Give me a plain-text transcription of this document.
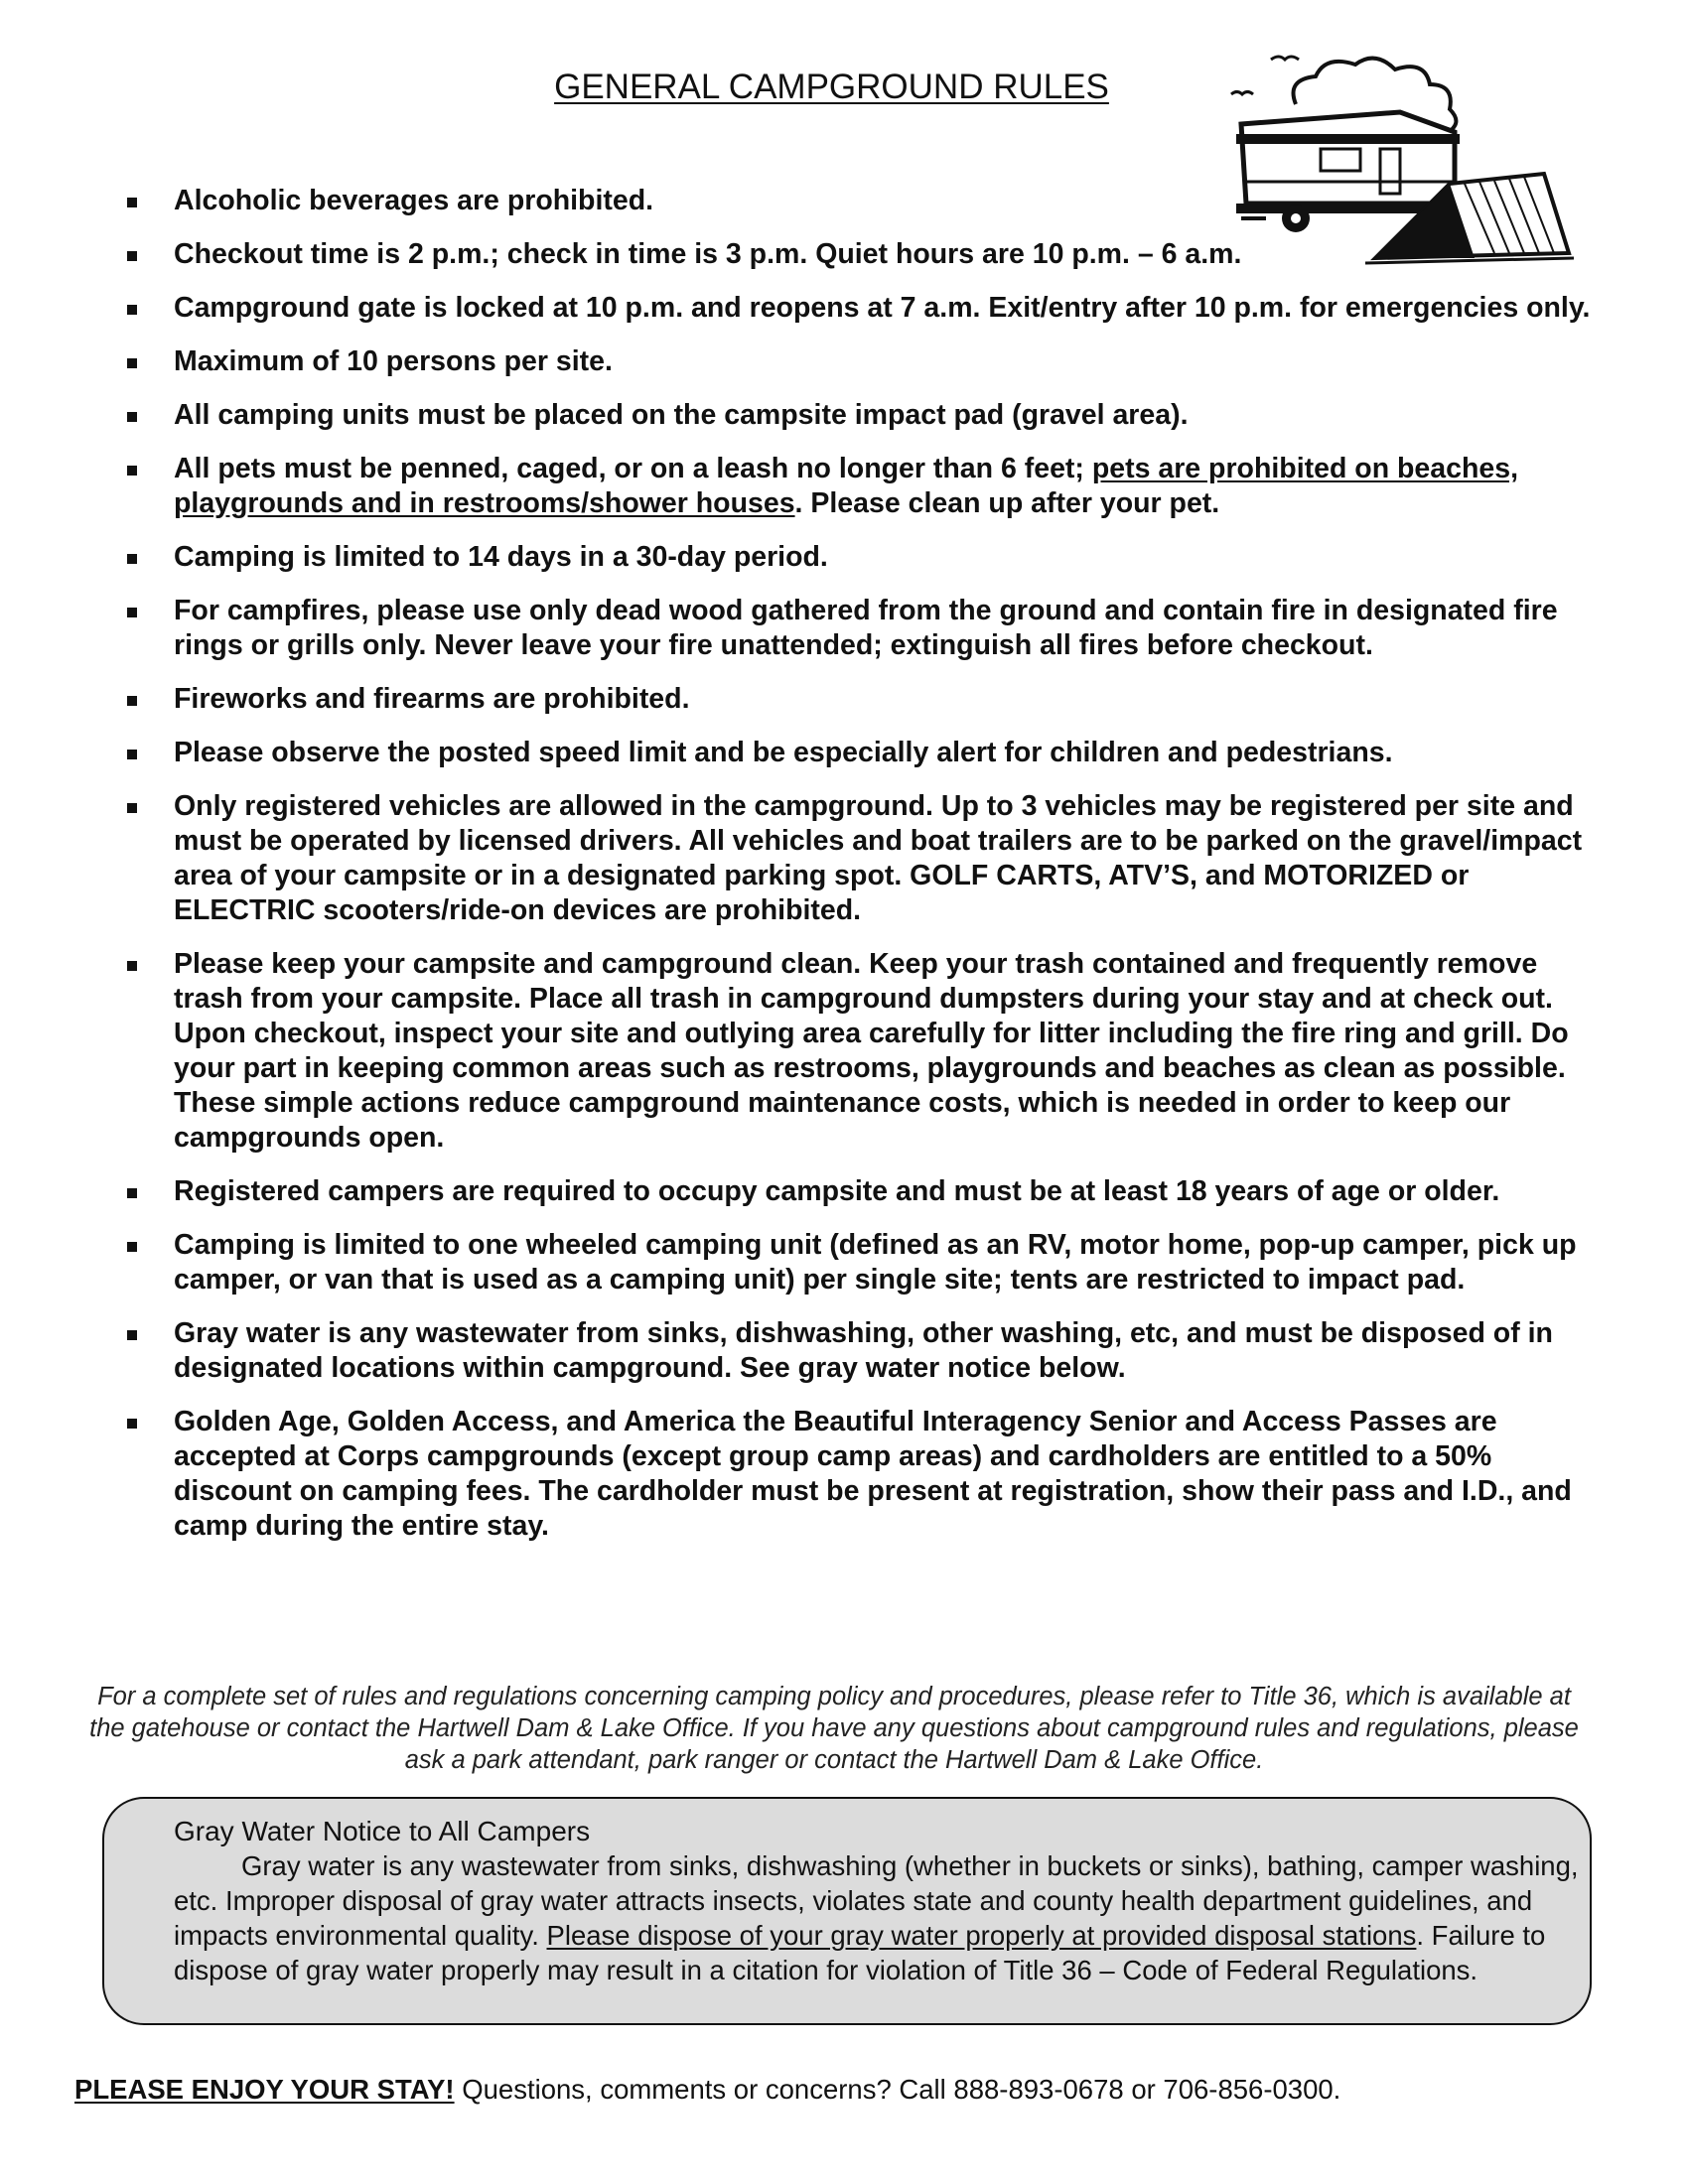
GENERAL CAMPGROUND RULES
Alcoholic beverages are prohibited.
Checkout time is 2 p.m.; check in time is 3 p.m. Quiet hours are 10 p.m. – 6 a.m.
Campground gate is locked at 10 p.m. and reopens at 7 a.m. Exit/entry after 10 p.m. for emergencies only.
Maximum of 10 persons per site.
All camping units must be placed on the campsite impact pad (gravel area).
All pets must be penned, caged, or on a leash no longer than 6 feet; pets are prohibited on beaches, playgrounds and in restrooms/shower houses. Please clean up after your pet.
Camping is limited to 14 days in a 30-day period.
For campfires, please use only dead wood gathered from the ground and contain fire in designated fire rings or grills only. Never leave your fire unattended; extinguish all fires before checkout.
Fireworks and firearms are prohibited.
Please observe the posted speed limit and be especially alert for children and pedestrians.
Only registered vehicles are allowed in the campground. Up to 3 vehicles may be registered per site and must be operated by licensed drivers. All vehicles and boat trailers are to be parked on the gravel/impact area of your campsite or in a designated parking spot. GOLF CARTS, ATV’S, and MOTORIZED or ELECTRIC scooters/ride-on devices are prohibited.
Please keep your campsite and campground clean. Keep your trash contained and frequently remove trash from your campsite. Place all trash in campground dumpsters during your stay and at check out. Upon checkout, inspect your site and outlying area carefully for litter including the fire ring and grill. Do your part in keeping common areas such as restrooms, playgrounds and beaches as clean as possible. These simple actions reduce campground maintenance costs, which is needed in order to keep our campgrounds open.
Registered campers are required to occupy campsite and must be at least 18 years of age or older.
Camping is limited to one wheeled camping unit (defined as an RV, motor home, pop-up camper, pick up camper, or van that is used as a camping unit) per single site; tents are restricted to impact pad.
Gray water is any wastewater from sinks, dishwashing, other washing, etc, and must be disposed of in designated locations within campground. See gray water notice below.
Golden Age, Golden Access, and America the Beautiful Interagency Senior and Access Passes are accepted at Corps campgrounds (except group camp areas) and cardholders are entitled to a 50% discount on camping fees. The cardholder must be present at registration, show their pass and I.D., and camp during the entire stay.
For a complete set of rules and regulations concerning camping policy and procedures, please refer to Title 36, which is available at the gatehouse or contact the Hartwell Dam & Lake Office. If you have any questions about campground rules and regulations, please ask a park attendant, park ranger or contact the Hartwell Dam & Lake Office.
Gray Water Notice to All Campers
Gray water is any wastewater from sinks, dishwashing (whether in buckets or sinks), bathing, camper washing, etc. Improper disposal of gray water attracts insects, violates state and county health department guidelines, and impacts environmental quality. Please dispose of your gray water properly at provided disposal stations. Failure to dispose of gray water properly may result in a citation for violation of Title 36 – Code of Federal Regulations.
PLEASE ENJOY YOUR STAY! Questions, comments or concerns? Call 888-893-0678 or 706-856-0300.
